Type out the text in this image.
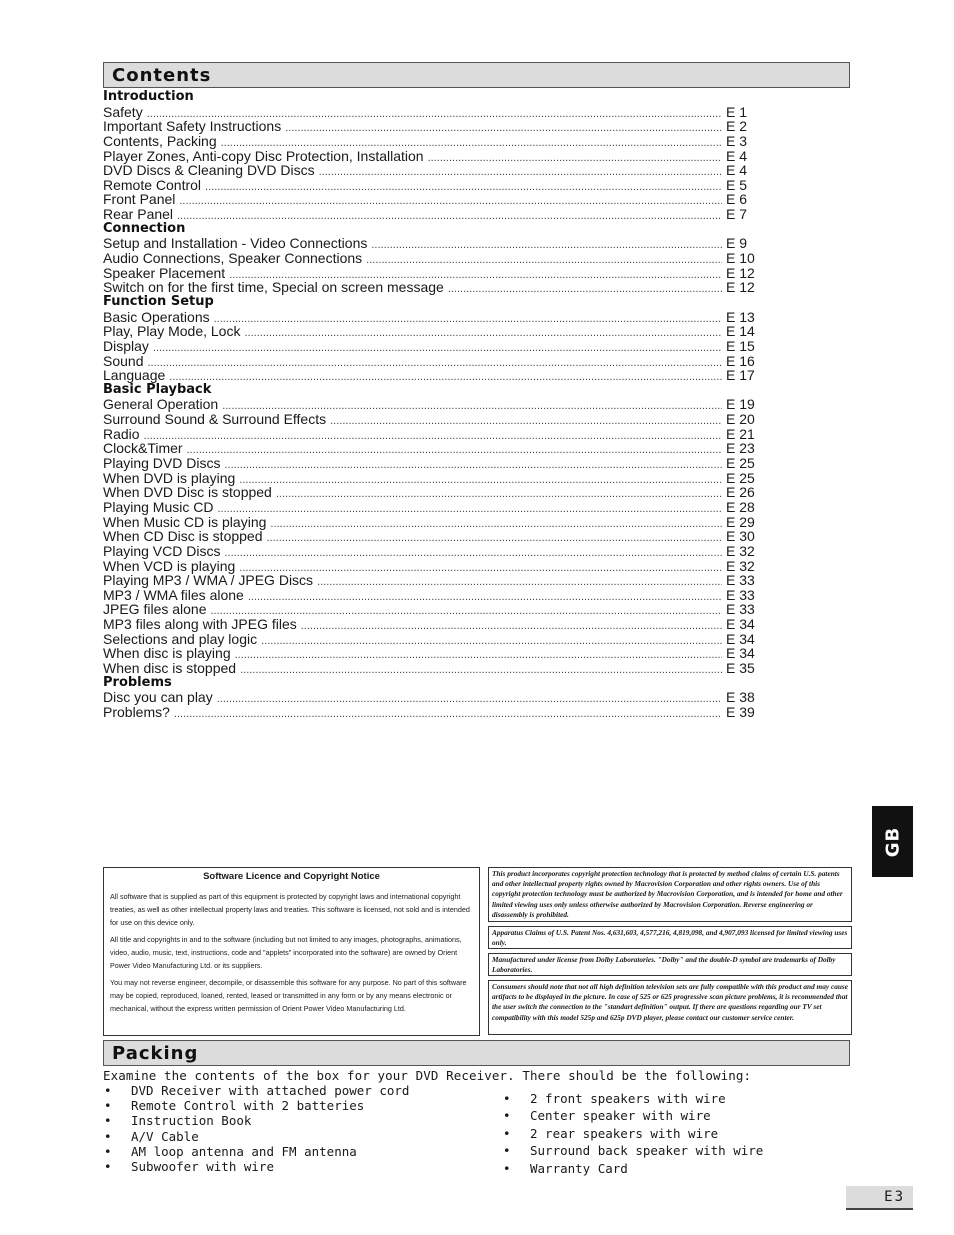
Contents
Introduction
Safety .....	E 1
Important Safety Instructions .....	E 2
Contents, Packing .....	E 3
Player Zones, Anti-copy Disc Protection, Installation .....	E 4
DVD Discs & Cleaning DVD Discs .....	E 4
Remote Control .....	E 5
Front Panel .....	E 6
Rear Panel .....	E 7
Connection
Setup and Installation - Video Connections .....	E 9
Audio Connections, Speaker Connections .....	E 10
Speaker Placement .....	E 12
Switch on for the first time, Special on screen message .....	E 12
Function Setup
Basic Operations .....	E 13
Play, Play Mode, Lock .....	E 14
Display .....	E 15
Sound .....	E 16
Language .....	E 17
Basic Playback
General Operation .....	E 19
Surround Sound & Surround Effects .....	E 20
Radio .....	E 21
Clock&Timer .....	E 23
Playing DVD Discs .....	E 25
When DVD is playing .....	E 25
When DVD Disc is stopped .....	E 26
Playing Music CD .....	E 28
When Music CD is playing .....	E 29
When CD Disc is stopped .....	E 30
Playing VCD Discs .....	E 32
When VCD is playing .....	E 32
Playing MP3 / WMA / JPEG Discs .....	E 33
MP3 / WMA files alone .....	E 33
JPEG files alone .....	E 33
MP3 files along with JPEG files .....	E 34
Selections and play logic .....	E 34
When disc is playing .....	E 34
When disc is stopped .....	E 35
Problems
Disc you can play .....	E 38
Problems? .....	E 39
GB
Software Licence and Copyright Notice

All software that is supplied as part of this equipment is protected by copyright laws and international copyright treaties, as well as other intellectual property laws and treaties. This software is licensed, not sold and is intended for use on this device only.

All title and copyrights in and to the software (including but not limited to any images, photographs, animations, video, audio, music, text, instructions, code and "applets" incorporated into the software) are owned by Orient Power Video Manufacturing Ltd. or its suppliers.

You may not reverse engineer, decompile, or disassemble this software for any purpose. No part of this software may be copied, reproduced, loaned, rented, leased or transmitted in any form or by any means electronic or mechanical, without the express written permission of Orient Power Video Manufacturing Ltd.

This product incorporates copyright protection technology that is protected by method claims of certain U.S. patents and other intellectual property rights owned by Macrovision Corporation and other rights owners. Use of this copyright protection technology must be authorized by Macrovision Corporation, and is intended for home and other limited viewing uses only unless otherwise authorized by Macrovision Corporation. Reverse engineering or disassembly is prohibited.
Apparatus Claims of U.S. Patent Nos. 4,631,603, 4,577,216, 4,819,098, and 4,907,093 licensed for limited viewing uses only.
Manufactured under license from Dolby Laboratories. "Dolby" and the double-D symbol are trademarks of Dolby Laboratories.
Consumers should note that not all high definition television sets are fully compatible with this product and may cause artifacts to be displayed in the picture. In case of 525 or 625 progressive scan picture problems, it is recommended that the user switch the connection to the "standart definition" output. If there are questions regarding our TV set compatibility with this model 525p and 625p DVD player, please contact our customer service center.
Packing
Examine the contents of the box for your DVD Receiver. There should be the following:
• DVD Receiver with attached power cord
• Remote Control with 2 batteries
• Instruction Book
• A/V Cable
• AM loop antenna and FM antenna
• Subwoofer with wire
• 2 front speakers with wire
• Center speaker with wire
• 2 rear speakers with wire
• Surround back speaker with wire
• Warranty Card
E3
